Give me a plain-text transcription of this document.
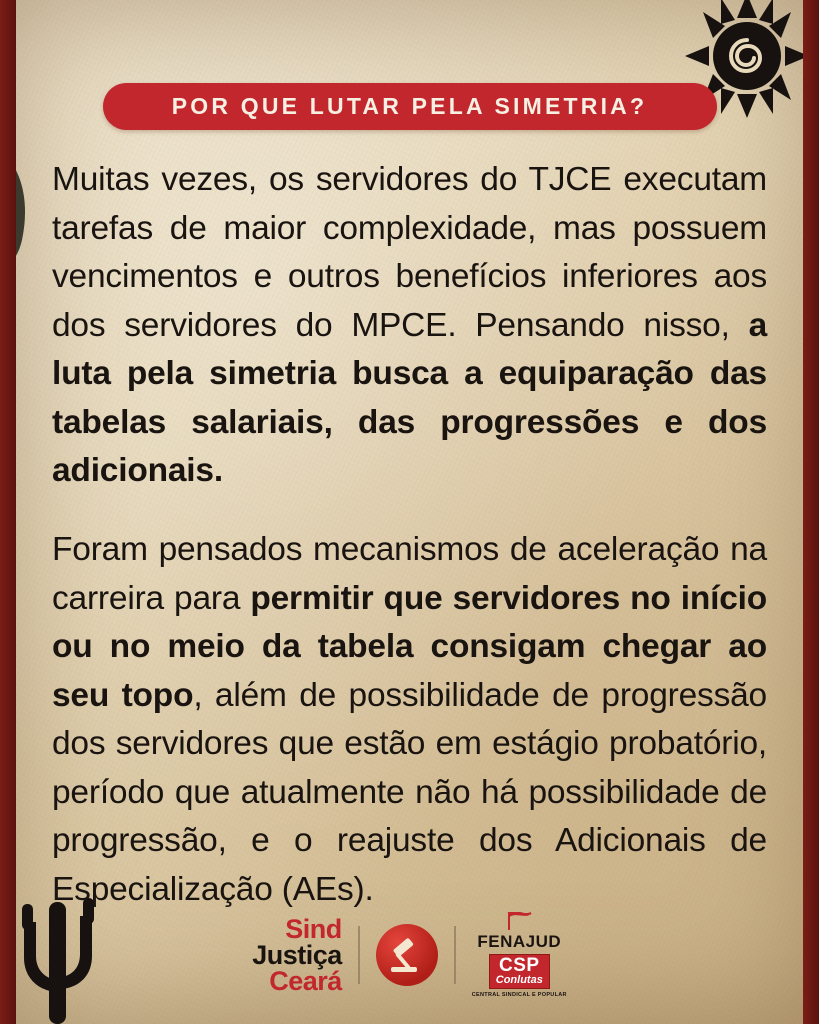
POR QUE LUTAR PELA SIMETRIA?

Muitas vezes, os servidores do TJCE executam tarefas de maior complexidade, mas possuem vencimentos e outros benefícios inferiores aos dos servidores do MPCE. Pensando nisso, a luta pela simetria busca a equiparação das tabelas salariais, das progressões e dos adicionais.

Foram pensados mecanismos de aceleração na carreira para permitir que servidores no início ou no meio da tabela consigam chegar ao seu topo, além de possibilidade de progressão dos servidores que estão em estágio probatório, período que atualmente não há possibilidade de progressão, e o reajuste dos Adicionais de Especialização (AEs).

Sind
Justiça
Ceará
FENAJUD
CSP
Conlutas
CENTRAL SINDICAL E POPULAR
